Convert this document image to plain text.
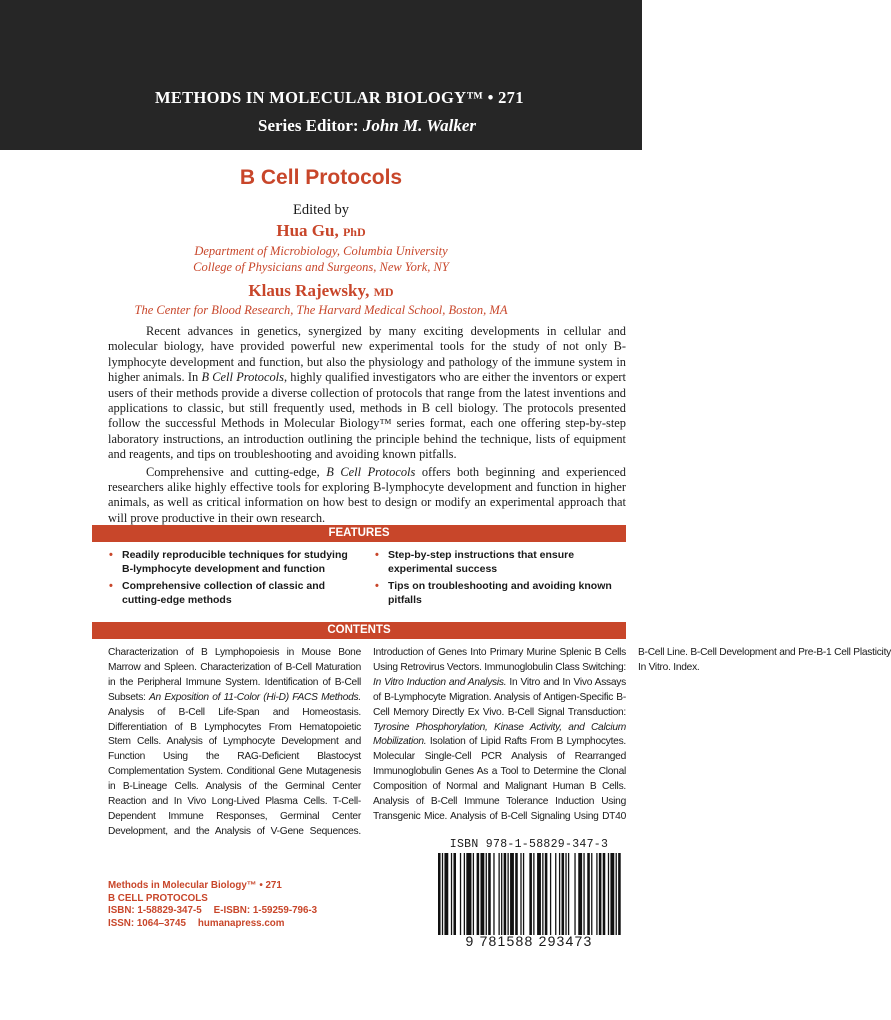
METHODS IN MOLECULAR BIOLOGY™ • 271
Series Editor: John M. Walker
B Cell Protocols
Edited by
Hua Gu, PhD
Department of Microbiology, Columbia University
College of Physicians and Surgeons, New York, NY
Klaus Rajewsky, MD
The Center for Blood Research, The Harvard Medical School, Boston, MA

Recent advances in genetics, synergized by many exciting developments in cellular and molecular biology, have provided powerful new experimental tools for the study of not only B-lymphocyte development and function, but also the physiology and pathology of the immune system in higher animals. In B Cell Protocols, highly qualified investigators who are either the inventors or expert users of their methods provide a diverse collection of protocols that range from the latest inventions and applications to classic, but still frequently used, methods in B cell biology. The protocols presented follow the successful Methods in Molecular Biology™ series format, each one offering step-by-step laboratory instructions, an introduction outlining the principle behind the technique, lists of equipment and reagents, and tips on troubleshooting and avoiding known pitfalls.

Comprehensive and cutting-edge, B Cell Protocols offers both beginning and experienced researchers alike highly effective tools for exploring B-lymphocyte development and function in higher animals, as well as critical information on how best to design or modify an experimental approach that will prove productive in their own research.

FEATURES
• Readily reproducible techniques for studying B-lymphocyte development and function
• Comprehensive collection of classic and cutting-edge methods
• Step-by-step instructions that ensure experimental success
• Tips on troubleshooting and avoiding known pitfalls
CONTENTS
Characterization of B Lymphopoiesis in Mouse Bone Marrow and Spleen. Characterization of B-Cell Maturation in the Peripheral Immune System. Identification of B-Cell Subsets: An Exposition of 11-Color (Hi-D) FACS Methods. Analysis of B-Cell Life-Span and Homeostasis. Differentiation of B Lymphocytes From Hematopoietic Stem Cells. Analysis of Lymphocyte Development and Function Using the RAG-Deficient Blastocyst Complementation System. Conditional Gene Mutagenesis in B-Lineage Cells. Analysis of the Germinal Center Reaction and In Vivo Long-Lived Plasma Cells. T-Cell-Dependent Immune Responses, Germinal Center Development, and the Analysis of V-Gene Sequences. Introduction of Genes Into Primary Murine Splenic B Cells Using Retrovirus Vectors. Immunoglobulin Class Switching: In Vitro Induction and Analysis. In Vitro and In Vivo Assays of B-Lymphocyte Migration. Analysis of Antigen-Specific B-Cell Memory Directly Ex Vivo. B-Cell Signal Transduction: Tyrosine Phosphorylation, Kinase Activity, and Calcium Mobilization. Isolation of Lipid Rafts From B Lymphocytes. Molecular Single-Cell PCR Analysis of Rearranged Immunoglobulin Genes As a Tool to Determine the Clonal Composition of Normal and Malignant Human B Cells. Analysis of B-Cell Immune Tolerance Induction Using Transgenic Mice. Analysis of B-Cell Signaling Using DT40 B-Cell Line. B-Cell Development and Pre-B-1 Cell Plasticity In Vitro. Index.
ISBN 978-1-58829-347-3
9 781588 293473
Methods in Molecular Biology™ • 271
B CELL PROTOCOLS
ISBN: 1-58829-347-5 E-ISBN: 1-59259-796-3
ISSN: 1064–3745 humanapress.com
